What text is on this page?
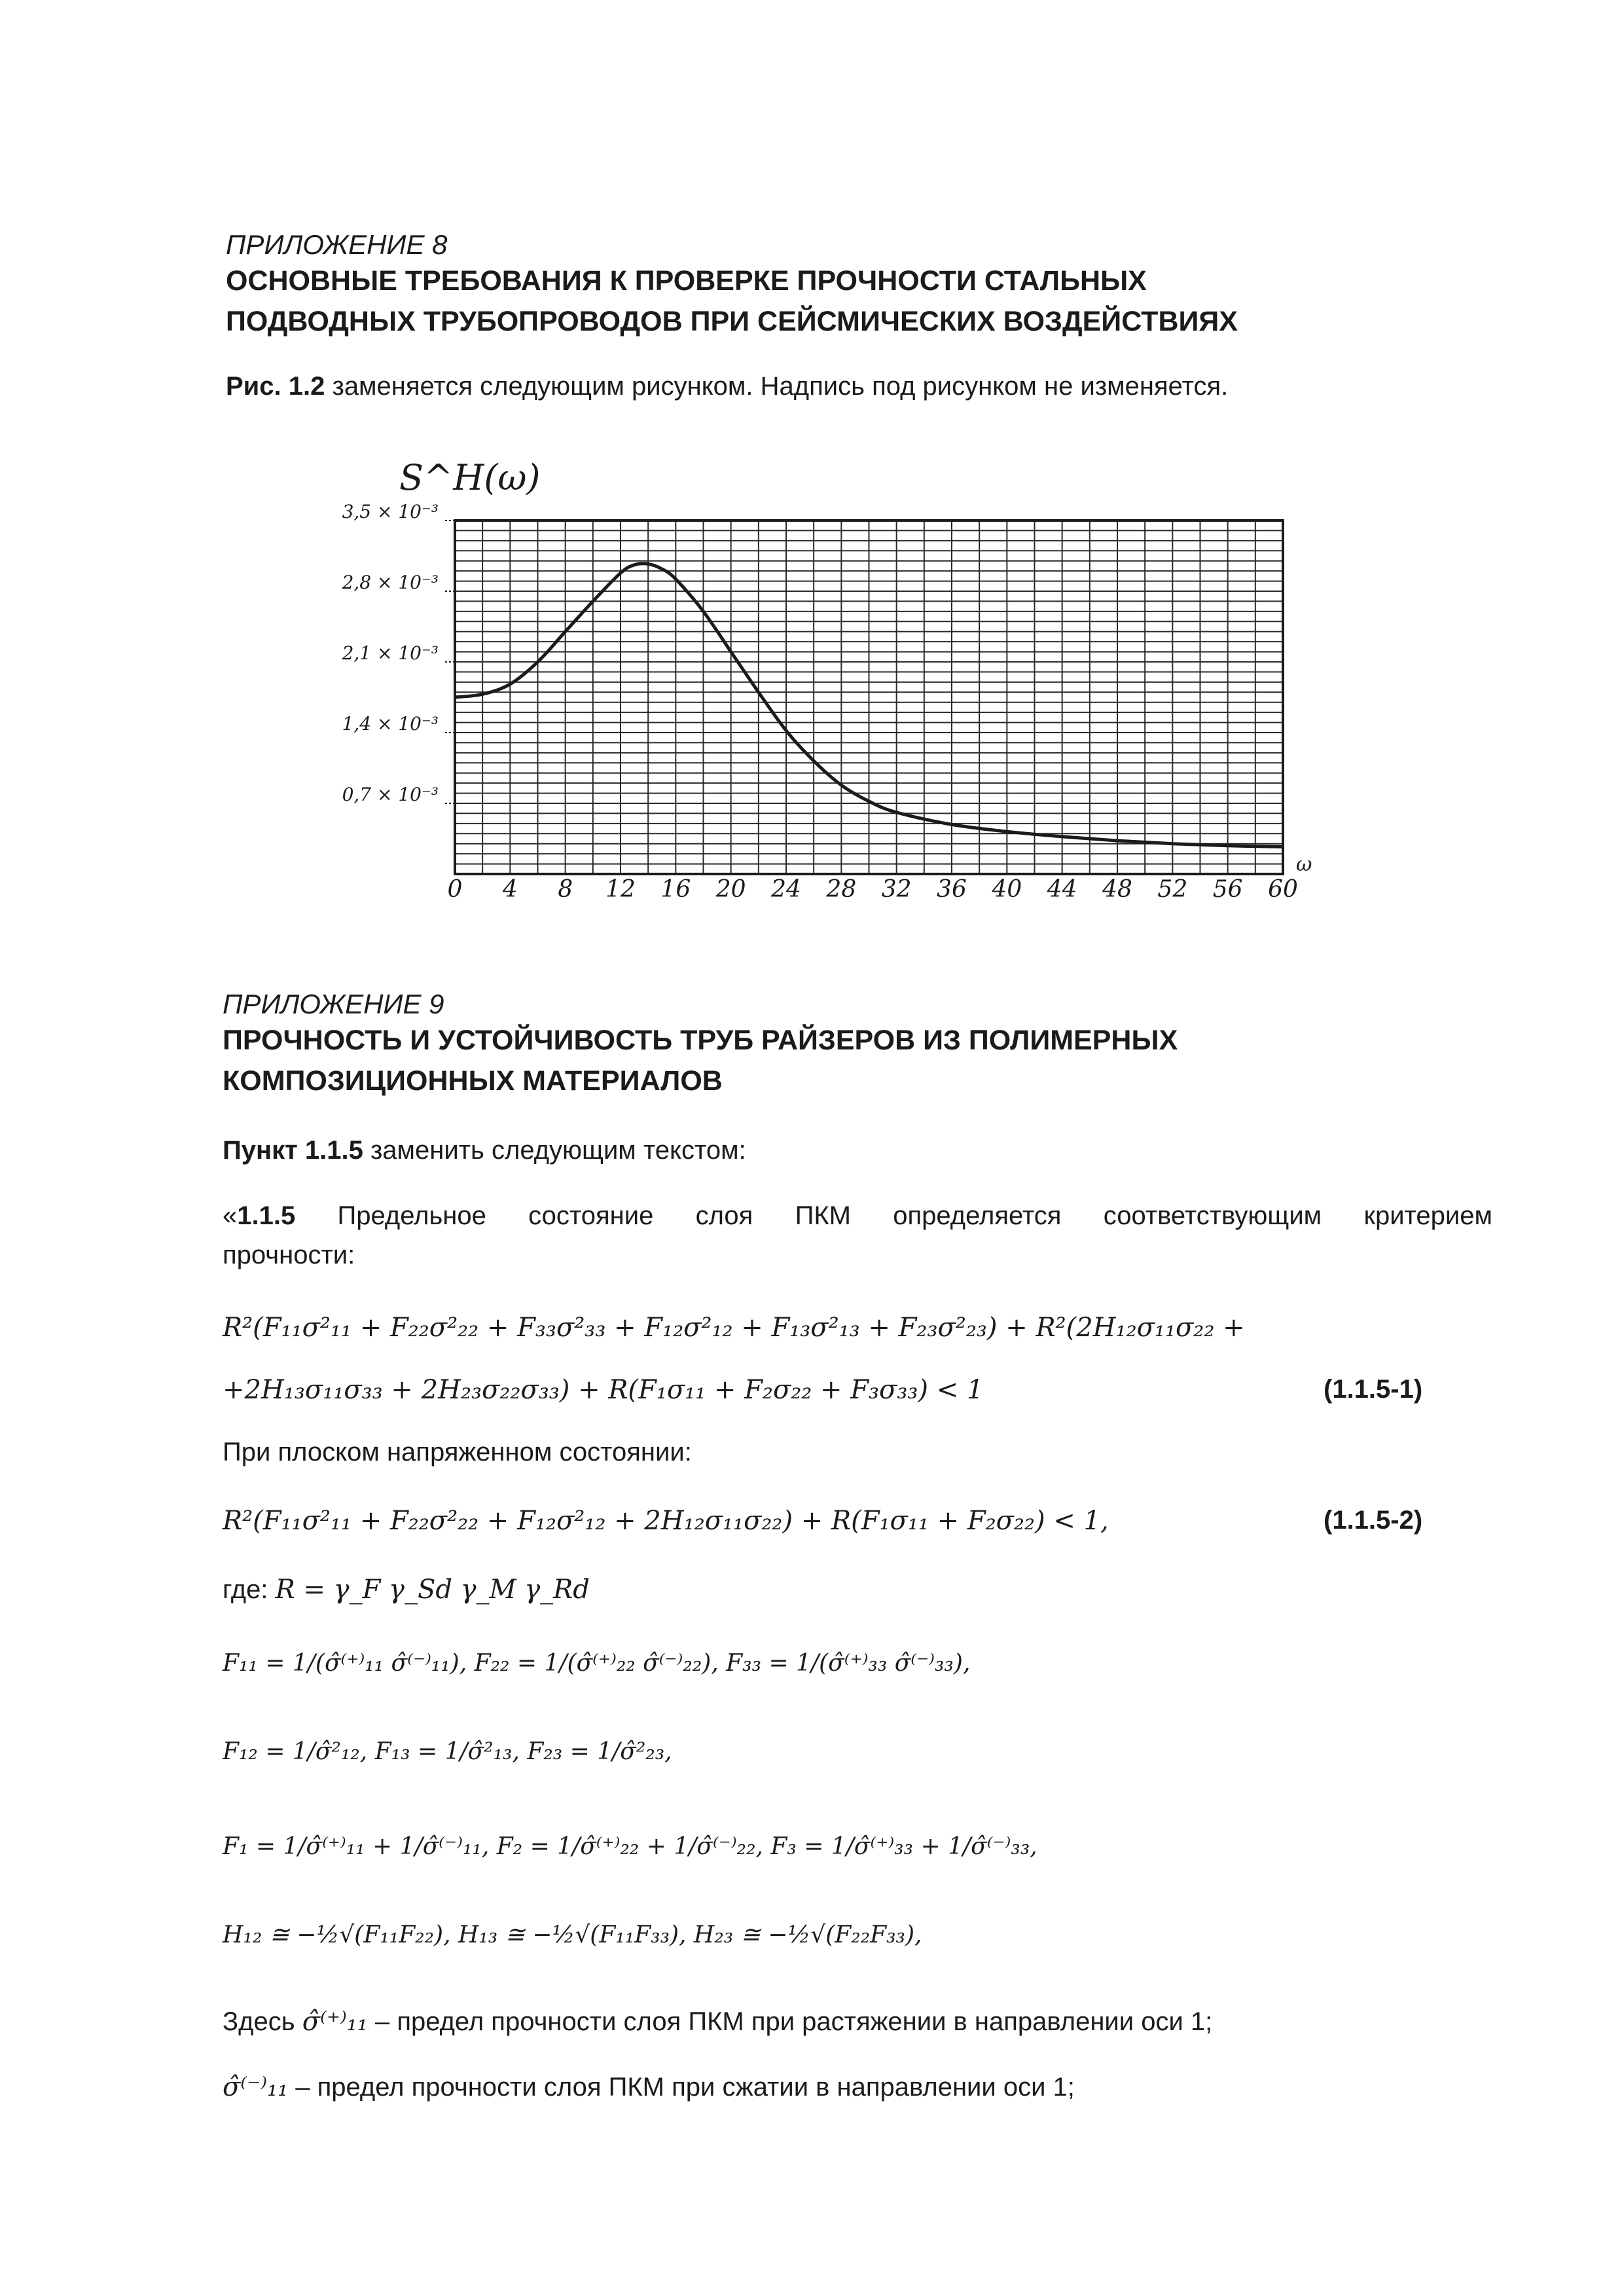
ПРИЛОЖЕНИЕ 8
ОСНОВНЫЕ ТРЕБОВАНИЯ К ПРОВЕРКЕ ПРОЧНОСТИ СТАЛЬНЫХ
ПОДВОДНЫХ ТРУБОПРОВОДОВ ПРИ СЕЙСМИЧЕСКИХ ВОЗДЕЙСТВИЯХ
Рис. 1.2 заменяется следующим рисунком. Надпись под рисунком не изменяется.
0,7 × 10⁻³
1,4 × 10⁻³
2,1 × 10⁻³
2,8 × 10⁻³
3,5 × 10⁻³
0 4 8 12 16 20 24 28 32 36 40 44 48 52 56 60
S^H(ω)
ω
ПРИЛОЖЕНИЕ 9
ПРОЧНОСТЬ И УСТОЙЧИВОСТЬ ТРУБ РАЙЗЕРОВ ИЗ ПОЛИМЕРНЫХ
КОМПОЗИЦИОННЫХ МАТЕРИАЛОВ
Пункт 1.1.5 заменить следующим текстом:
«1.1.5 Предельное состояние слоя ПКМ определяется соответствующим критерием
прочности:
R²(F₁₁σ²₁₁ + F₂₂σ²₂₂ + F₃₃σ²₃₃ + F₁₂σ²₁₂ + F₁₃σ²₁₃ + F₂₃σ²₂₃) + R²(2H₁₂σ₁₁σ₂₂ +
+2H₁₃σ₁₁σ₃₃ + 2H₂₃σ₂₂σ₃₃) + R(F₁σ₁₁ + F₂σ₂₂ + F₃σ₃₃) < 1	(1.1.5-1)
При плоском напряженном состоянии:
R²(F₁₁σ²₁₁ + F₂₂σ²₂₂ + F₁₂σ²₁₂ + 2H₁₂σ₁₁σ₂₂) + R(F₁σ₁₁ + F₂σ₂₂) < 1,	(1.1.5-2)
где: R = γ_F γ_Sd γ_M γ_Rd
F₁₁ = 1/(σ̂⁽⁺⁾₁₁ σ̂⁽⁻⁾₁₁), F₂₂ = 1/(σ̂⁽⁺⁾₂₂ σ̂⁽⁻⁾₂₂), F₃₃ = 1/(σ̂⁽⁺⁾₃₃ σ̂⁽⁻⁾₃₃),
F₁₂ = 1/σ̂²₁₂, F₁₃ = 1/σ̂²₁₃, F₂₃ = 1/σ̂²₂₃,
F₁ = 1/σ̂⁽⁺⁾₁₁ + 1/σ̂⁽⁻⁾₁₁, F₂ = 1/σ̂⁽⁺⁾₂₂ + 1/σ̂⁽⁻⁾₂₂, F₃ = 1/σ̂⁽⁺⁾₃₃ + 1/σ̂⁽⁻⁾₃₃,
H₁₂ ≅ −½√(F₁₁F₂₂), H₁₃ ≅ −½√(F₁₁F₃₃), H₂₃ ≅ −½√(F₂₂F₃₃),
Здесь σ̂⁽⁺⁾₁₁ – предел прочности слоя ПКМ при растяжении в направлении оси 1;
σ̂⁽⁻⁾₁₁ – предел прочности слоя ПКМ при сжатии в направлении оси 1;
